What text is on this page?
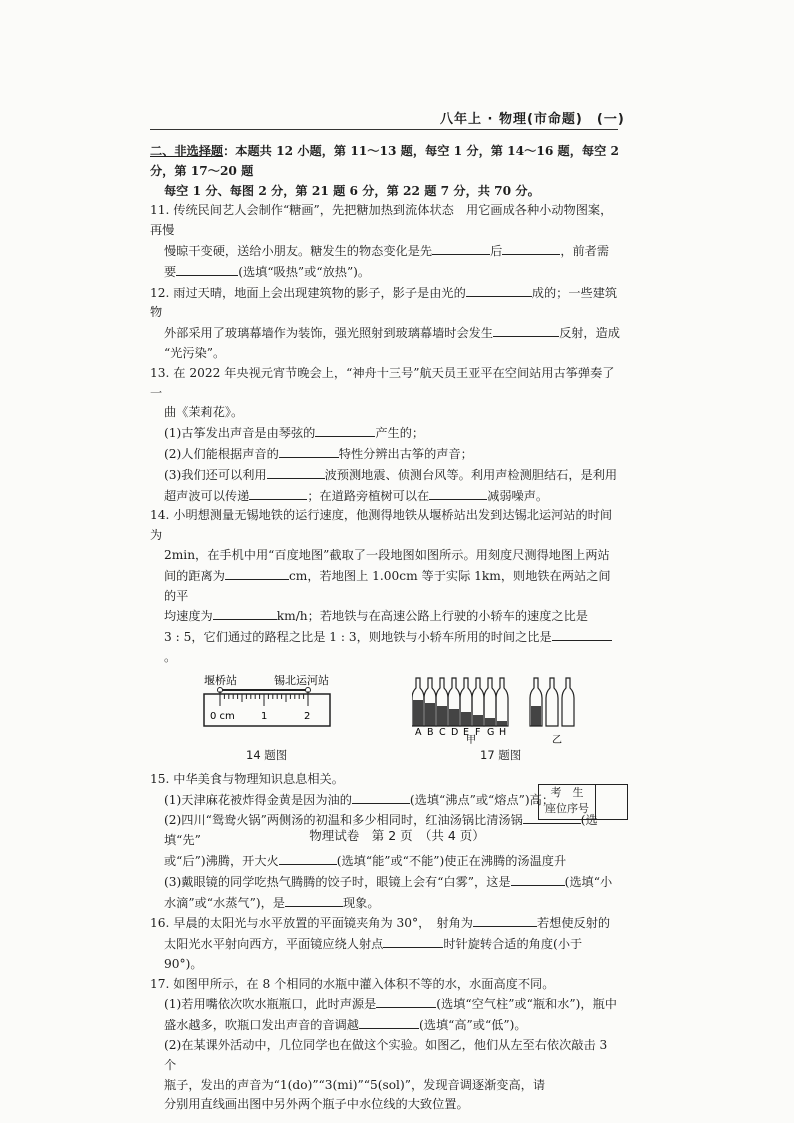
八年上 · 物理(市命题)　(一)

二、非选择题：本题共 12 小题，第 11～13 题，每空 1 分，第 14～16 题，每空 2 分，第 17～20 题

每空 1 分、每图 2 分，第 21 题 6 分，第 22 题 7 分，共 70 分。

11. 传统民间艺人会制作“糖画”，先把糖加热到流体状态　用它画成各种小动物图案，再慢

慢晾干变硬，送给小朋友。糖发生的物态变化是先	后	，前者需

要	(选填“吸热”或“放热”)。

12. 雨过天晴，地面上会出现建筑物的影子，影子是由光的	成的；一些建筑物

外部采用了玻璃幕墙作为装饰，强光照射到玻璃幕墙时会发生	反射，造成

“光污染”。

13. 在 2022 年央视元宵节晚会上，“神舟十三号”航天员王亚平在空间站用古筝弹奏了一

曲《茉莉花》。

(1)古筝发出声音是由琴弦的	产生的；

(2)人们能根据声音的	特性分辨出古筝的声音；

(3)我们还可以利用	波预测地震、侦测台风等。利用声检测胆结石，是利用

超声波可以传递	；在道路旁植树可以在	减弱噪声。

14. 小明想测量无锡地铁的运行速度，他测得地铁从堰桥站出发到达锡北运河站的时间为

2min，在手机中用“百度地图”截取了一段地图如图所示。用刻度尺测得地图上两站

间的距离为	cm，若地图上 1.00cm 等于实际 1km，则地铁在两站之间的平

均速度为	km/h；若地铁与在高速公路上行驶的小轿车的速度之比是

3 : 5，它们通过的路程之比是 1 : 3，则地铁与小轿车所用的时间之比是。

堰桥站	锡北运河站
0 cm	1	2
14 题图
A B C D E F G H
甲	乙
17 题图

15. 中华美食与物理知识息息相关。

(1)天津麻花被炸得金黄是因为油的	(选填“沸点”或“熔点”)高；

(2)四川“鸳鸯火锅”两侧汤的初温和多少相同时，红油汤锅比清汤锅	(选填“先”

或“后”)沸腾，开大火	(选填“能”或“不能”)使正在沸腾的汤温度升

(3)戴眼镜的同学吃热气腾腾的饺子时，眼镜上会有“白雾”，这是	(选填“小

水滴”或“水蒸气”)，是	现象。

16. 早晨的太阳光与水平放置的平面镜夹角为 30°，　射角为	若想使反射的

太阳光水平射向西方，平面镜应绕人射点	时针旋转合适的角度(小于 90°)。

17. 如图甲所示，在 8 个相同的水瓶中灌入体积不等的水，水面高度不同。

(1)若用嘴依次吹水瓶瓶口，此时声源是	(选填“空气柱”或“瓶和水”)，瓶中

盛水越多，吹瓶口发出声音的音调越	(选填“高”或“低”)。

(2)在某课外活动中，几位同学也在做这个实验。如图乙，他们从左至右依次敲击 3 个

瓶子，发出的声音为“1(do)”“3(mi)”“5(sol)”，发现音调逐渐变高，请

分别用直线画出图中另外两个瓶子中水位线的大致位置。

考　生
座位序号
物理试卷　第 2 页　（共 4 页）
